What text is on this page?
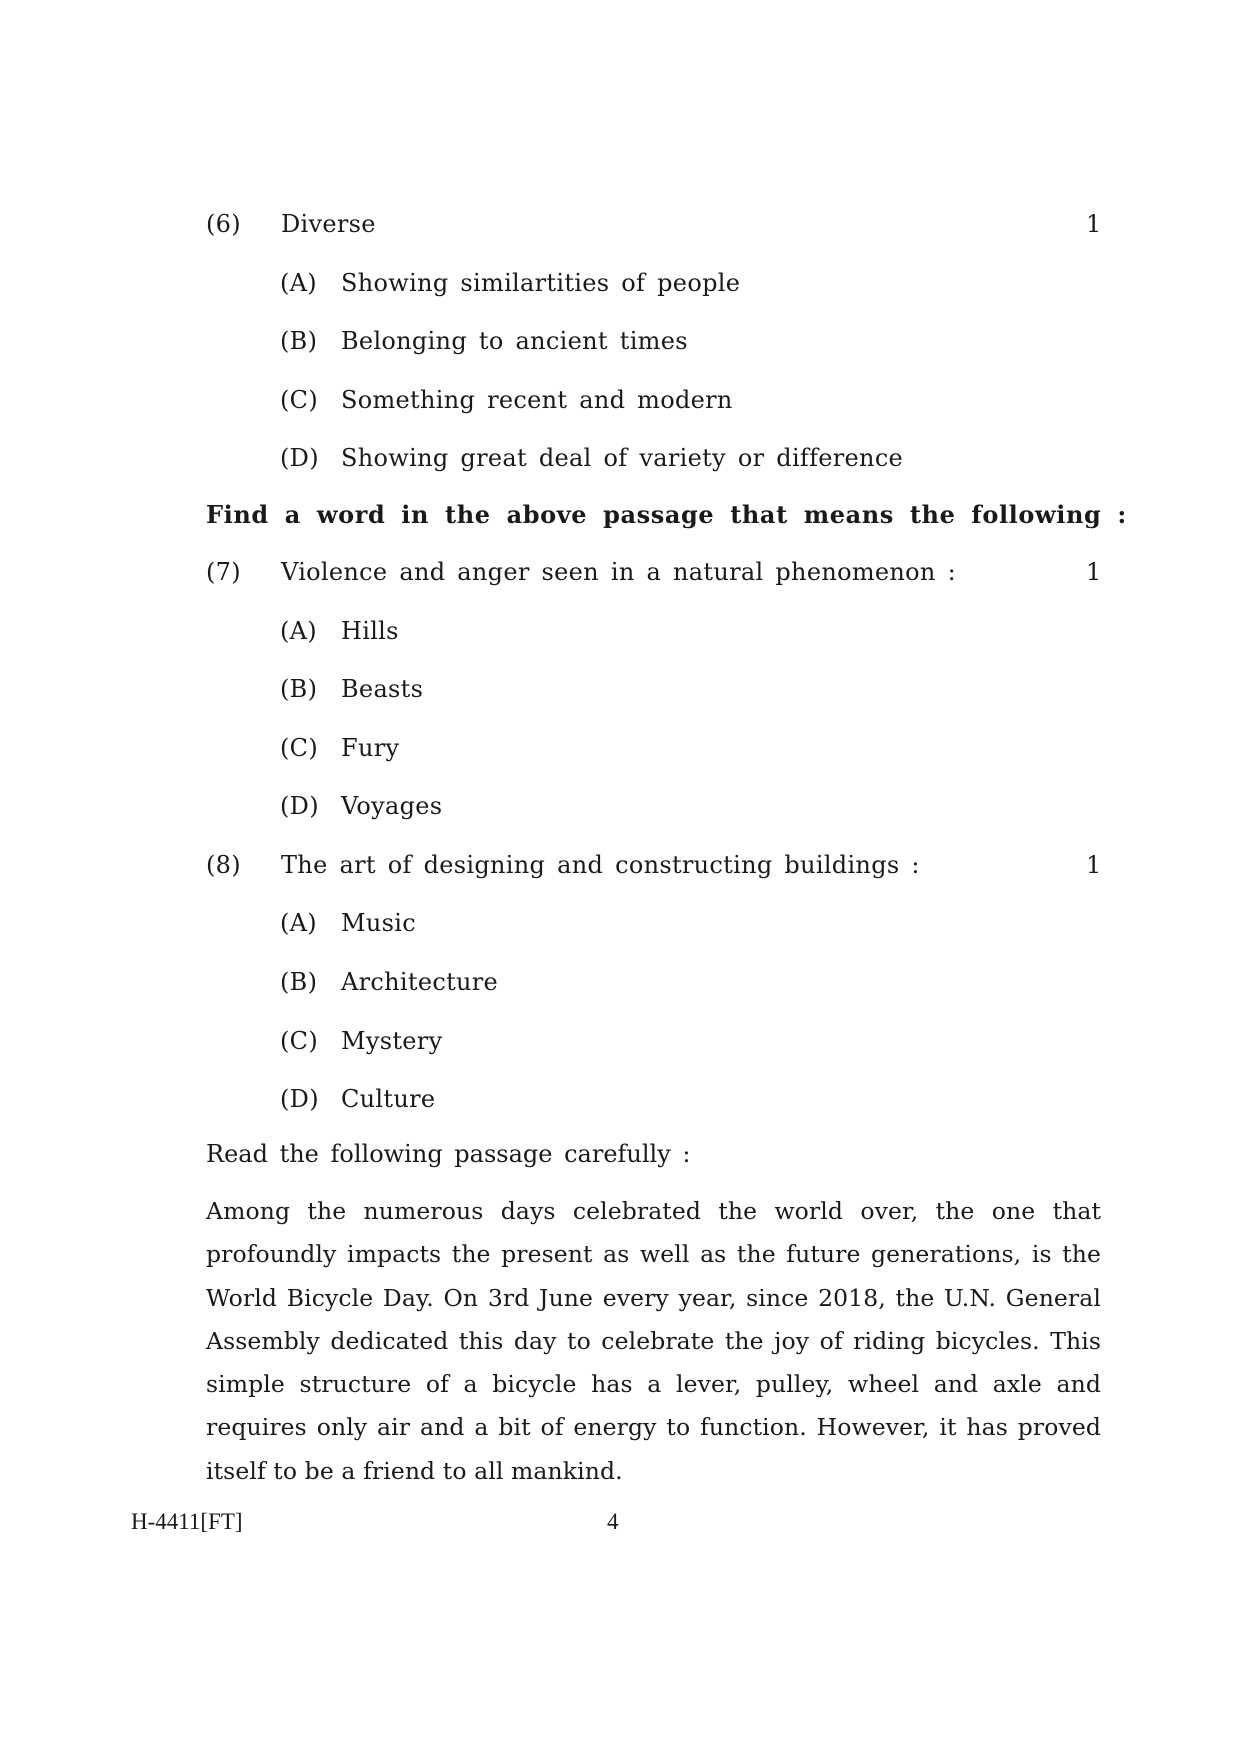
(6) Diverse	1
(A) Showing similartities of people
(B) Belonging to ancient times
(C) Something recent and modern
(D) Showing great deal of variety or difference
Find a word in the above passage that means the following :
(7) Violence and anger seen in a natural phenomenon :	1
(A) Hills
(B) Beasts
(C) Fury
(D) Voyages
(8) The art of designing and constructing buildings :	1
(A) Music
(B) Architecture
(C) Mystery
(D) Culture
Read the following passage carefully :
Among the numerous days celebrated the world over, the one that profoundly impacts the present as well as the future generations, is the World Bicycle Day. On 3rd June every year, since 2018, the U.N. General Assembly dedicated this day to celebrate the joy of riding bicycles. This simple structure of a bicycle has a lever, pulley, wheel and axle and requires only air and a bit of energy to function. However, it has proved itself to be a friend to all mankind.
H-4411[FT]	4
